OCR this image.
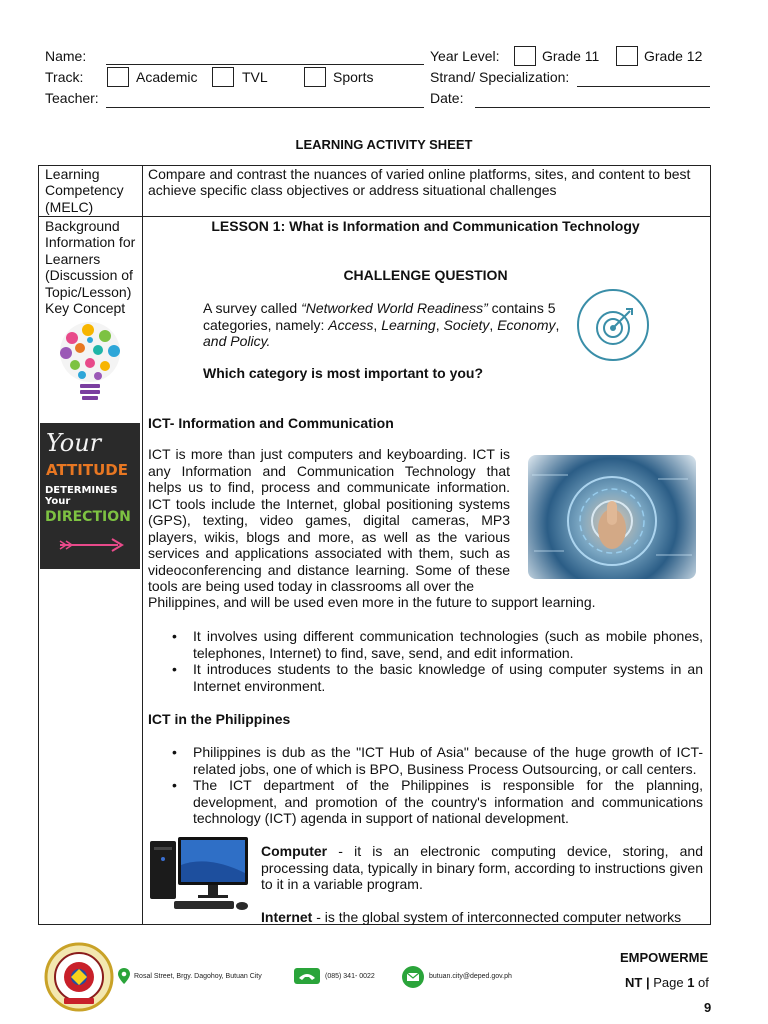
Name:	Year Level:	Grade 11	Grade 12
Track:	Academic	TVL	Sports	Strand/ Specialization:
Teacher:	Date:
LEARNING ACTIVITY SHEET
Learning Competency (MELC)
Compare and contrast the nuances of varied online platforms, sites, and content to best achieve specific class objectives or address situational challenges
Background Information for Learners (Discussion of Topic/Lesson) Key Concept
Your
ATTITUDE
DETERMINES Your
DIRECTION
LESSON 1: What is Information and Communication Technology
CHALLENGE QUESTION
A survey called “Networked World Readiness” contains 5 categories, namely: Access, Learning, Society, Economy, and Policy.
Which category is most important to you?
ICT- Information and Communication
ICT is more than just computers and keyboarding. ICT is any Information and Communication Technology that helps us to find, process and communicate information. ICT tools include the Internet, global positioning systems (GPS), texting, video games, digital cameras, MP3 players, wikis, blogs and more, as well as the various services and applications associated with them, such as videoconferencing and distance learning. Some of these tools are being used today in classrooms all over the
Philippines, and will be used even more in the future to support learning.
• It involves using different communication technologies (such as mobile phones, telephones, Internet) to find, save, send, and edit information.
• It introduces students to the basic knowledge of using computer systems in an Internet environment.
ICT in the Philippines
• Philippines is dub as the "ICT Hub of Asia" because of the huge growth of ICT-related jobs, one of which is BPO, Business Process Outsourcing, or call centers.
• The ICT department of the Philippines is responsible for the planning, development, and promotion of the country's information and communications technology (ICT) agenda in support of national development.
Computer - it is an electronic computing device, storing, and processing data, typically in binary form, according to instructions given to it in a variable program.
Internet - is the global system of interconnected computer networks
Rosal Street, Brgy. Dagohoy, Butuan City	(085) 341- 0022	butuan.city@deped.gov.ph
EMPOWERME
NT | Page 1 of
9
